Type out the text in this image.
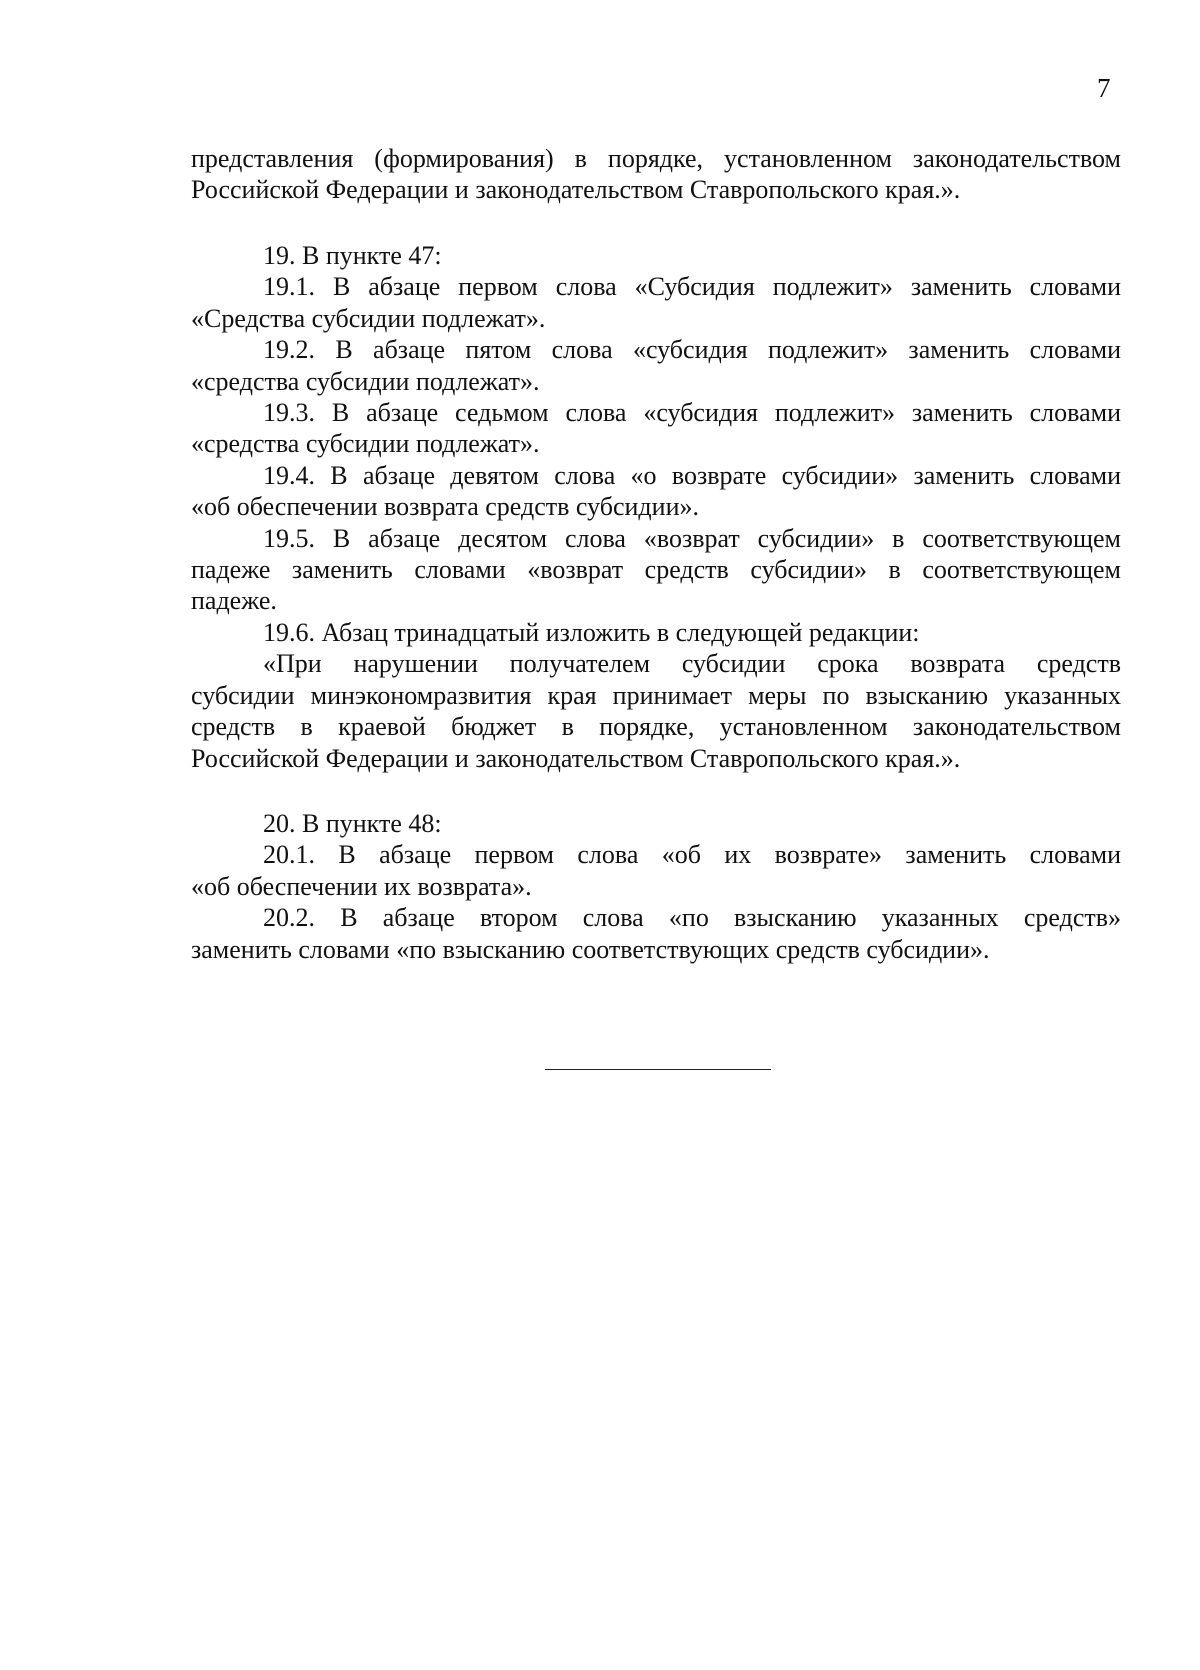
7
представления (формирования) в порядке, установленном законодательством
Российской Федерации и законодательством Ставропольского края.».
19. В пункте 47:
19.1. В абзаце первом слова «Субсидия подлежит» заменить словами
«Средства субсидии подлежат».
19.2. В абзаце пятом слова «субсидия подлежит» заменить словами
«средства субсидии подлежат».
19.3. В абзаце седьмом слова «субсидия подлежит» заменить словами
«средства субсидии подлежат».
19.4. В абзаце девятом слова «о возврате субсидии» заменить словами
«об обеспечении возврата средств субсидии».
19.5. В абзаце десятом слова «возврат субсидии» в соответствующем
падеже заменить словами «возврат средств субсидии» в соответствующем
падеже.
19.6. Абзац тринадцатый изложить в следующей редакции:
«При нарушении получателем субсидии срока возврата средств
субсидии минэкономразвития края принимает меры по взысканию указанных
средств в краевой бюджет в порядке, установленном законодательством
Российской Федерации и законодательством Ставропольского края.».
20. В пункте 48:
20.1. В абзаце первом слова «об их возврате» заменить словами
«об обеспечении их возврата».
20.2. В абзаце втором слова «по взысканию указанных средств»
заменить словами «по взысканию соответствующих средств субсидии».
